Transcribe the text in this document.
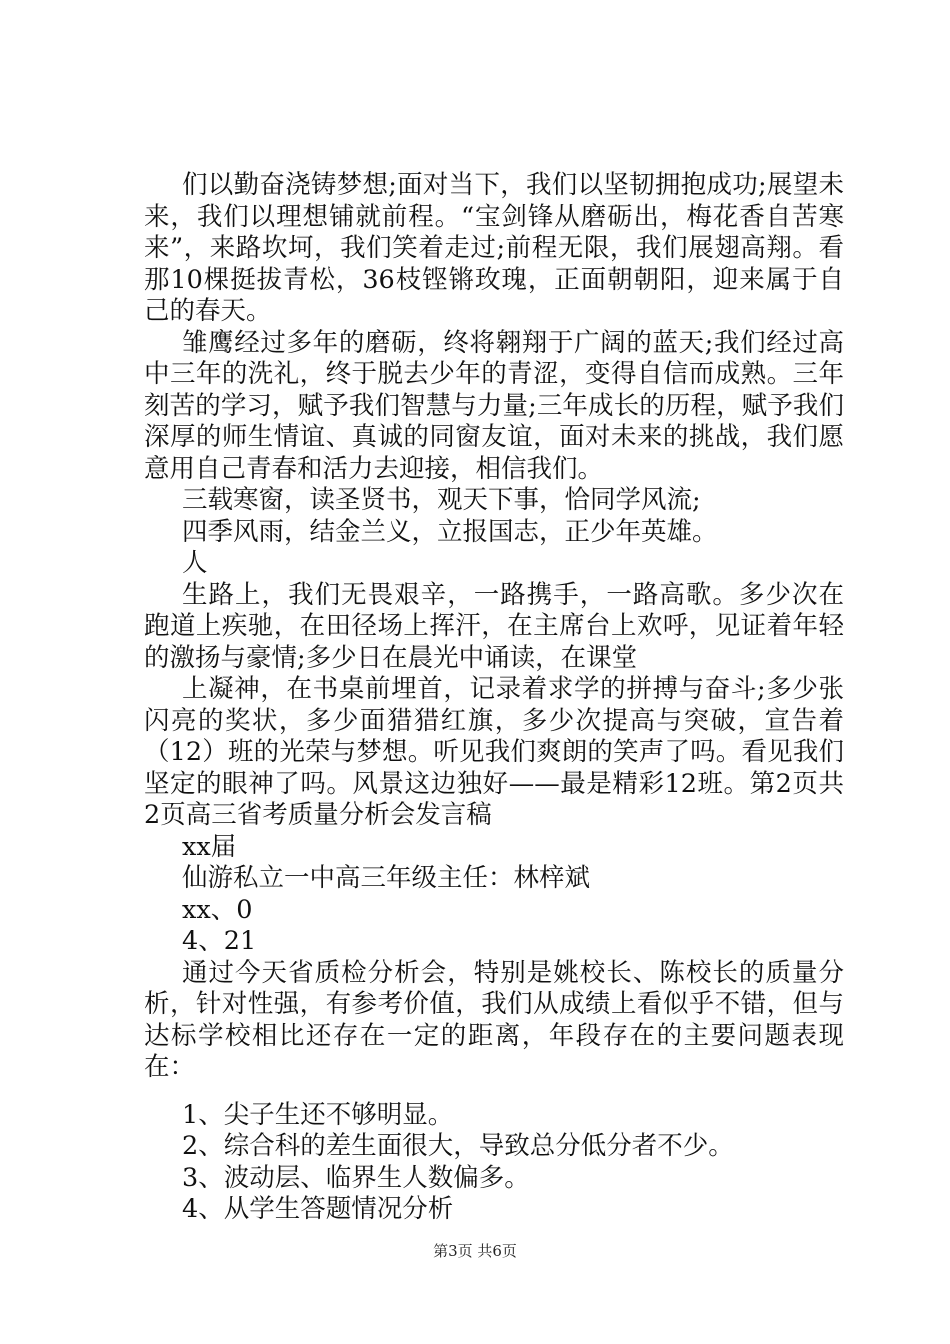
们以勤奋浇铸梦想;面对当下，我们以坚韧拥抱成功;展望未来，我们以理想铺就前程。“宝剑锋从磨砺出，梅花香自苦寒来”，来路坎坷，我们笑着走过;前程无限，我们展翅高翔。看那10棵挺拔青松，36枝铿锵玫瑰，正面朝朝阳，迎来属于自己的春天。

雏鹰经过多年的磨砺，终将翱翔于广阔的蓝天;我们经过高中三年的洗礼，终于脱去少年的青涩，变得自信而成熟。三年刻苦的学习，赋予我们智慧与力量;三年成长的历程，赋予我们深厚的师生情谊、真诚的同窗友谊，面对未来的挑战，我们愿意用自己青春和活力去迎接，相信我们。

三载寒窗，读圣贤书，观天下事，恰同学风流;

四季风雨，结金兰义，立报国志，正少年英雄。

人

生路上，我们无畏艰辛，一路携手，一路高歌。多少次在跑道上疾驰，在田径场上挥汗，在主席台上欢呼，见证着年轻的激扬与豪情;多少日在晨光中诵读，在课堂

上凝神，在书桌前埋首，记录着求学的拼搏与奋斗;多少张闪亮的奖状，多少面猎猎红旗，多少次提高与突破，宣告着（12）班的光荣与梦想。听见我们爽朗的笑声了吗。看见我们坚定的眼神了吗。风景这边独好——最是精彩12班。第2页共2页高三省考质量分析会发言稿

xx届

仙游私立一中高三年级主任：林梓斌

xx、0

4、21

通过今天省质检分析会，特别是姚校长、陈校长的质量分析，针对性强，有参考价值，我们从成绩上看似乎不错，但与达标学校相比还存在一定的距离，年段存在的主要问题表现在：

1、尖子生还不够明显。

2、综合科的差生面很大，导致总分低分者不少。

3、波动层、临界生人数偏多。

4、从学生答题情况分析

第3页 共6页
